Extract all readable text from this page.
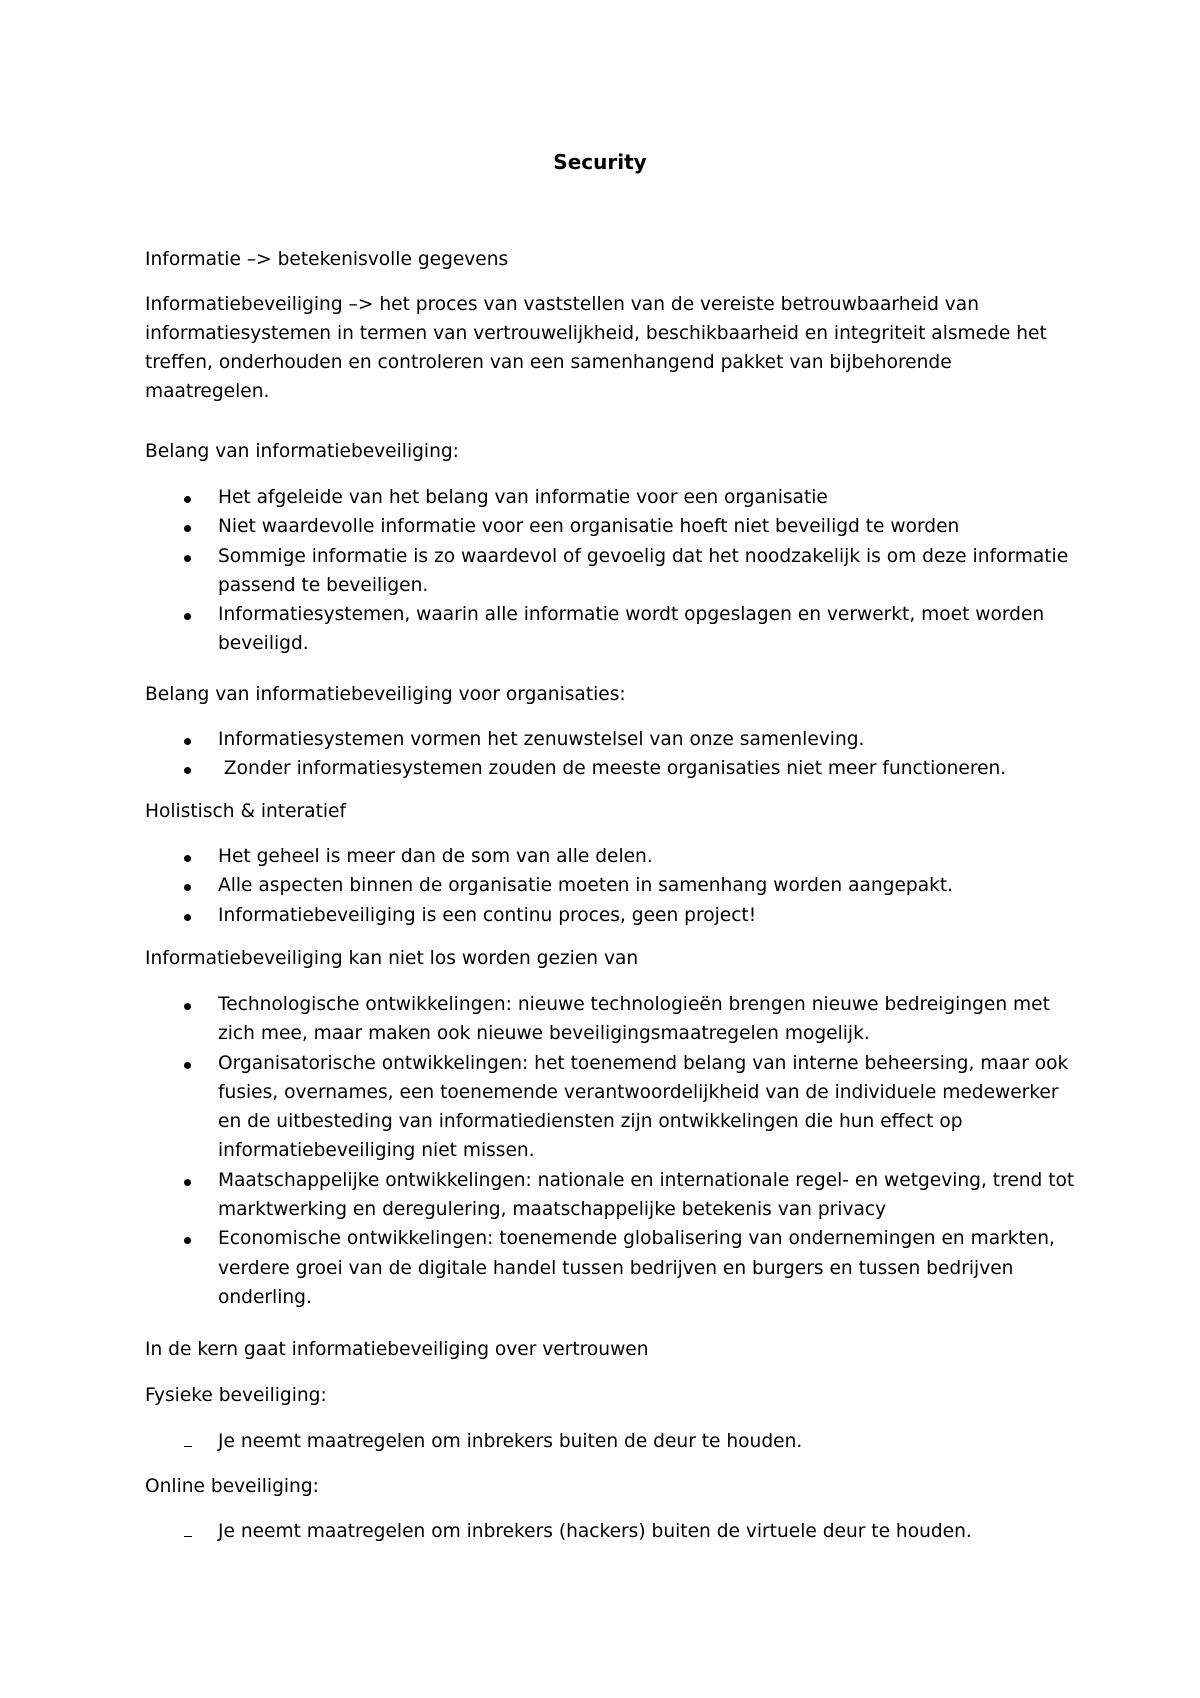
Security

Informatie –> betekenisvolle gegevens

Informatiebeveiliging –> het proces van vaststellen van de vereiste betrouwbaarheid van

informatiesystemen in termen van vertrouwelijkheid, beschikbaarheid en integriteit alsmede het

treffen, onderhouden en controleren van een samenhangend pakket van bijbehorende maatregelen.

Belang van informatiebeveiliging:

Het afgeleide van het belang van informatie voor een organisatie
Niet waardevolle informatie voor een organisatie hoeft niet beveiligd te worden
Sommige informatie is zo waardevol of gevoelig dat het noodzakelijk is om deze informatie
passend te beveiligen.
Informatiesystemen, waarin alle informatie wordt opgeslagen en verwerkt, moet worden
beveiligd.

Belang van informatiebeveiliging voor organisaties:

Informatiesystemen vormen het zenuwstelsel van onze samenleving.
Zonder informatiesystemen zouden de meeste organisaties niet meer functioneren.

Holistisch & interatief

Het geheel is meer dan de som van alle delen.
Alle aspecten binnen de organisatie moeten in samenhang worden aangepakt.
Informatiebeveiliging is een continu proces, geen project!

Informatiebeveiliging kan niet los worden gezien van

Technologische ontwikkelingen: nieuwe technologieën brengen nieuwe bedreigingen met
zich mee, maar maken ook nieuwe beveiligingsmaatregelen mogelijk.
Organisatorische ontwikkelingen: het toenemend belang van interne beheersing, maar ook
fusies, overnames, een toenemende verantwoordelijkheid van de individuele medewerker
en de uitbesteding van informatiediensten zijn ontwikkelingen die hun effect op
informatiebeveiliging niet missen.
Maatschappelijke ontwikkelingen: nationale en internationale regel- en wetgeving, trend tot
marktwerking en deregulering, maatschappelijke betekenis van privacy
Economische ontwikkelingen: toenemende globalisering van ondernemingen en markten,
verdere groei van de digitale handel tussen bedrijven en burgers en tussen bedrijven
onderling.

In de kern gaat informatiebeveiliging over vertrouwen

Fysieke beveiliging:

Je neemt maatregelen om inbrekers buiten de deur te houden.

Online beveiliging:

Je neemt maatregelen om inbrekers (hackers) buiten de virtuele deur te houden.
